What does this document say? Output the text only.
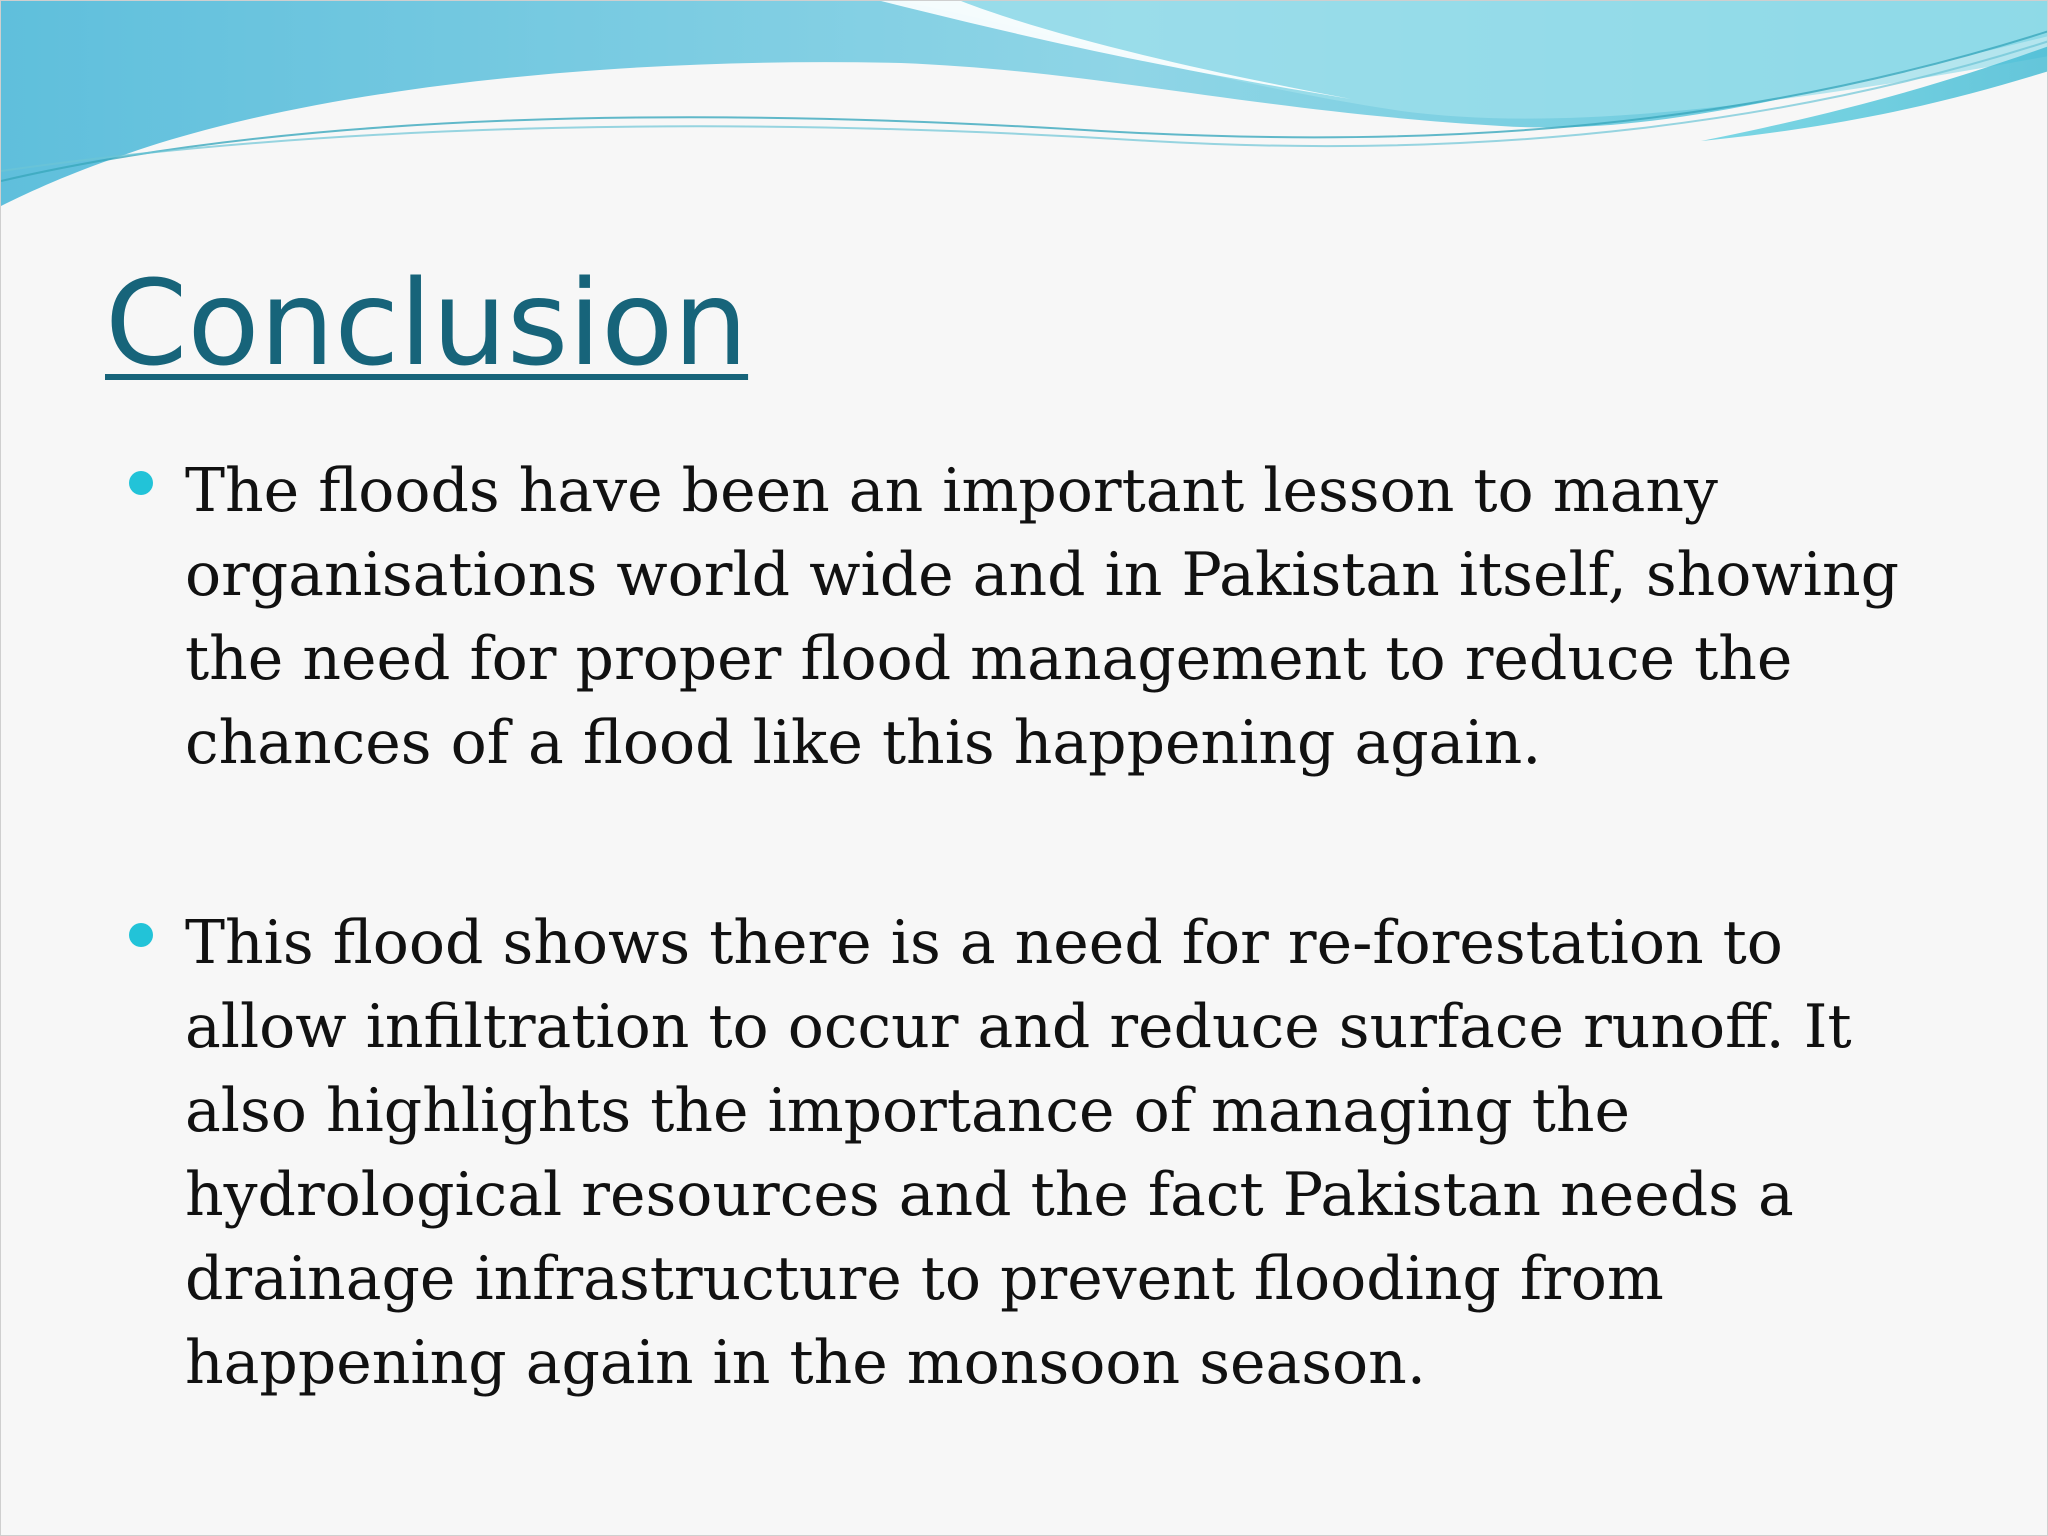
Conclusion
The floods have been an important lesson to many organisations world wide and in Pakistan itself, showing the need for proper flood management to reduce the chances of a flood like this happening again.
This flood shows there is a need for re-forestation to allow infiltration to occur and reduce surface runoff. It also highlights the importance of managing the hydrological resources and the fact Pakistan needs a drainage infrastructure to prevent flooding from happening again in the monsoon season.
